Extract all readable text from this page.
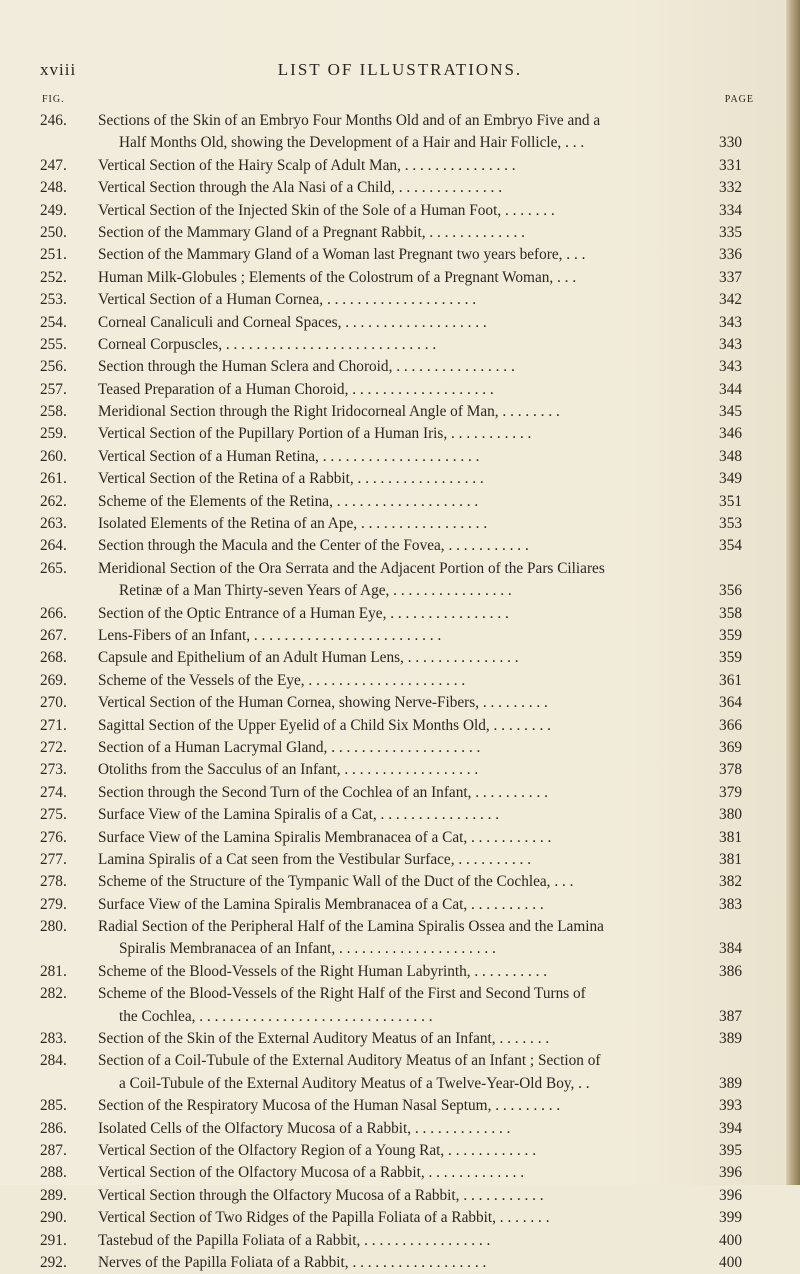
xviii	LIST OF ILLUSTRATIONS.
FIG.	PAGE
246. Sections of the Skin of an Embryo Four Months Old and of an Embryo Five and a
Half Months Old, showing the Development of a Hair and Hair Follicle, . . .	330
247. Vertical Section of the Hairy Scalp of Adult Man, . . . . . . . . . . . . . . .	331
248. Vertical Section through the Ala Nasi of a Child, . . . . . . . . . . . . . .	332
249. Vertical Section of the Injected Skin of the Sole of a Human Foot, . . . . . . .	334
250. Section of the Mammary Gland of a Pregnant Rabbit, . . . . . . . . . . . . .	335
251. Section of the Mammary Gland of a Woman last Pregnant two years before, . . .	336
252. Human Milk-Globules ; Elements of the Colostrum of a Pregnant Woman, . . .	337
253. Vertical Section of a Human Cornea, . . . . . . . . . . . . . . . . . . . .	342
254. Corneal Canaliculi and Corneal Spaces, . . . . . . . . . . . . . . . . . . .	343
255. Corneal Corpuscles, . . . . . . . . . . . . . . . . . . . . . . . . . . . .	343
256. Section through the Human Sclera and Choroid, . . . . . . . . . . . . . . . .	343
257. Teased Preparation of a Human Choroid, . . . . . . . . . . . . . . . . . . .	344
258. Meridional Section through the Right Iridocorneal Angle of Man, . . . . . . . .	345
259. Vertical Section of the Pupillary Portion of a Human Iris, . . . . . . . . . . .	346
260. Vertical Section of a Human Retina, . . . . . . . . . . . . . . . . . . . . .	348
261. Vertical Section of the Retina of a Rabbit, . . . . . . . . . . . . . . . . .	349
262. Scheme of the Elements of the Retina, . . . . . . . . . . . . . . . . . . .	351
263. Isolated Elements of the Retina of an Ape, . . . . . . . . . . . . . . . . .	353
264. Section through the Macula and the Center of the Fovea, . . . . . . . . . . .	354
265. Meridional Section of the Ora Serrata and the Adjacent Portion of the Pars Ciliares
Retinæ of a Man Thirty-seven Years of Age, . . . . . . . . . . . . . . . .	356
266. Section of the Optic Entrance of a Human Eye, . . . . . . . . . . . . . . . .	358
267. Lens-Fibers of an Infant, . . . . . . . . . . . . . . . . . . . . . . . . .	359
268. Capsule and Epithelium of an Adult Human Lens, . . . . . . . . . . . . . . .	359
269. Scheme of the Vessels of the Eye, . . . . . . . . . . . . . . . . . . . . .	361
270. Vertical Section of the Human Cornea, showing Nerve-Fibers, . . . . . . . . .	364
271. Sagittal Section of the Upper Eyelid of a Child Six Months Old, . . . . . . . .	366
272. Section of a Human Lacrymal Gland, . . . . . . . . . . . . . . . . . . . .	369
273. Otoliths from the Sacculus of an Infant, . . . . . . . . . . . . . . . . . .	378
274. Section through the Second Turn of the Cochlea of an Infant, . . . . . . . . . .	379
275. Surface View of the Lamina Spiralis of a Cat, . . . . . . . . . . . . . . . .	380
276. Surface View of the Lamina Spiralis Membranacea of a Cat, . . . . . . . . . . .	381
277. Lamina Spiralis of a Cat seen from the Vestibular Surface, . . . . . . . . . .	381
278. Scheme of the Structure of the Tympanic Wall of the Duct of the Cochlea, . . .	382
279. Surface View of the Lamina Spiralis Membranacea of a Cat, . . . . . . . . . .	383
280. Radial Section of the Peripheral Half of the Lamina Spiralis Ossea and the Lamina
Spiralis Membranacea of an Infant, . . . . . . . . . . . . . . . . . . . . .	384
281. Scheme of the Blood-Vessels of the Right Human Labyrinth, . . . . . . . . . .	386
282. Scheme of the Blood-Vessels of the Right Half of the First and Second Turns of
the Cochlea, . . . . . . . . . . . . . . . . . . . . . . . . . . . . . . .	387
283. Section of the Skin of the External Auditory Meatus of an Infant, . . . . . . .	389
284. Section of a Coil-Tubule of the External Auditory Meatus of an Infant ; Section of
a Coil-Tubule of the External Auditory Meatus of a Twelve-Year-Old Boy, . .	389
285. Section of the Respiratory Mucosa of the Human Nasal Septum, . . . . . . . . .	393
286. Isolated Cells of the Olfactory Mucosa of a Rabbit, . . . . . . . . . . . . .	394
287. Vertical Section of the Olfactory Region of a Young Rat, . . . . . . . . . . . .	395
288. Vertical Section of the Olfactory Mucosa of a Rabbit, . . . . . . . . . . . . .	396
289. Vertical Section through the Olfactory Mucosa of a Rabbit, . . . . . . . . . . .	396
290. Vertical Section of Two Ridges of the Papilla Foliata of a Rabbit, . . . . . . .	399
291. Tastebud of the Papilla Foliata of a Rabbit, . . . . . . . . . . . . . . . . .	400
292. Nerves of the Papilla Foliata of a Rabbit, . . . . . . . . . . . . . . . . . .	400
